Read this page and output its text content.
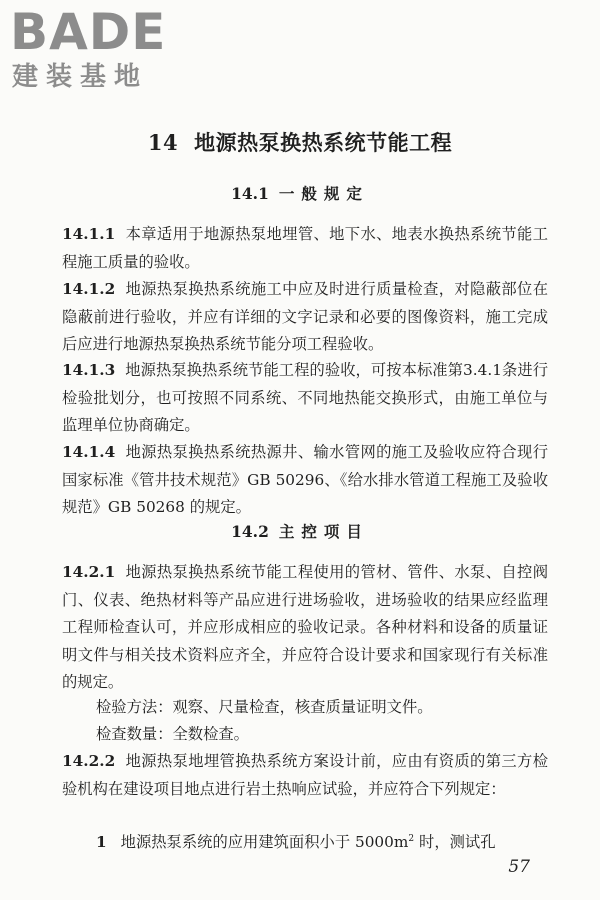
BADE
建装基地
14 地源热泵换热系统节能工程
14.1 一般规定
14.1.1 本章适用于地源热泵地埋管、地下水、地表水换热系统节能工程施工质量的验收。
14.1.2 地源热泵换热系统施工中应及时进行质量检查，对隐蔽部位在隐蔽前进行验收，并应有详细的文字记录和必要的图像资料，施工完成后应进行地源热泵换热系统节能分项工程验收。
14.1.3 地源热泵换热系统节能工程的验收，可按本标准第3.4.1条进行检验批划分，也可按照不同系统、不同地热能交换形式，由施工单位与监理单位协商确定。
14.1.4 地源热泵换热系统热源井、输水管网的施工及验收应符合现行国家标准《管井技术规范》GB 50296、《给水排水管道工程施工及验收规范》GB 50268 的规定。
14.2 主控项目
14.2.1 地源热泵换热系统节能工程使用的管材、管件、水泵、自控阀门、仪表、绝热材料等产品应进行进场验收，进场验收的结果应经监理工程师检查认可，并应形成相应的验收记录。各种材料和设备的质量证明文件与相关技术资料应齐全，并应符合设计要求和国家现行有关标准的规定。
检验方法：观察、尺量检查，核查质量证明文件。
检查数量：全数检查。
14.2.2 地源热泵地埋管换热系统方案设计前，应由有资质的第三方检验机构在建设项目地点进行岩土热响应试验，并应符合下列规定：
1 地源热泵系统的应用建筑面积小于 $5000m^2$ 时，测试孔
57
